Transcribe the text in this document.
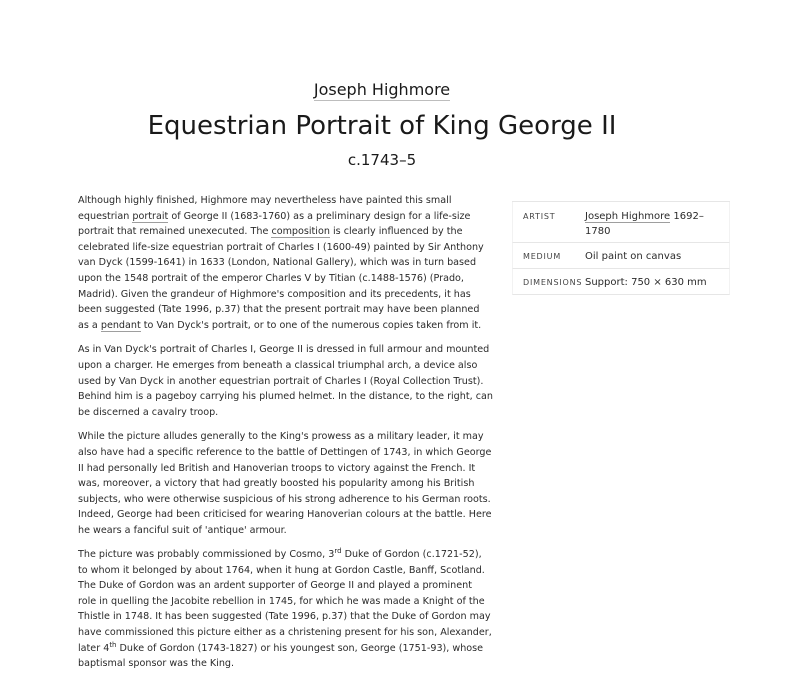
Joseph Highmore
Equestrian Portrait of King George II
c.1743–5

Although highly finished, Highmore may nevertheless have painted this small equestrian portrait of George II (1683-1760) as a preliminary design for a life-size portrait that remained unexecuted. The composition is clearly influenced by the celebrated life-size equestrian portrait of Charles I (1600-49) painted by Sir Anthony van Dyck (1599-1641) in 1633 (London, National Gallery), which was in turn based upon the 1548 portrait of the emperor Charles V by Titian (c.1488-1576) (Prado, Madrid). Given the grandeur of Highmore's composition and its precedents, it has been suggested (Tate 1996, p.37) that the present portrait may have been planned as a pendant to Van Dyck's portrait, or to one of the numerous copies taken from it.

As in Van Dyck's portrait of Charles I, George II is dressed in full armour and mounted upon a charger. He emerges from beneath a classical triumphal arch, a device also used by Van Dyck in another equestrian portrait of Charles I (Royal Collection Trust). Behind him is a pageboy carrying his plumed helmet. In the distance, to the right, can be discerned a cavalry troop.

While the picture alludes generally to the King's prowess as a military leader, it may also have had a specific reference to the battle of Dettingen of 1743, in which George II had personally led British and Hanoverian troops to victory against the French. It was, moreover, a victory that had greatly boosted his popularity among his British subjects, who were otherwise suspicious of his strong adherence to his German roots. Indeed, George had been criticised for wearing Hanoverian colours at the battle. Here he wears a fanciful suit of 'antique' armour.

The picture was probably commissioned by Cosmo, 3rd Duke of Gordon (c.1721-52), to whom it belonged by about 1764, when it hung at Gordon Castle, Banff, Scotland. The Duke of Gordon was an ardent supporter of George II and played a prominent role in quelling the Jacobite rebellion in 1745, for which he was made a Knight of the Thistle in 1748. It has been suggested (Tate 1996, p.37) that the Duke of Gordon may have commissioned this picture either as a christening present for his son, Alexander, later 4th Duke of Gordon (1743-1827) or his youngest son, George (1751-93), whose baptismal sponsor was the King.

ARTIST	Joseph Highmore 1692–1780
MEDIUM	Oil paint on canvas
DIMENSIONS Support: 750 × 630 mm
